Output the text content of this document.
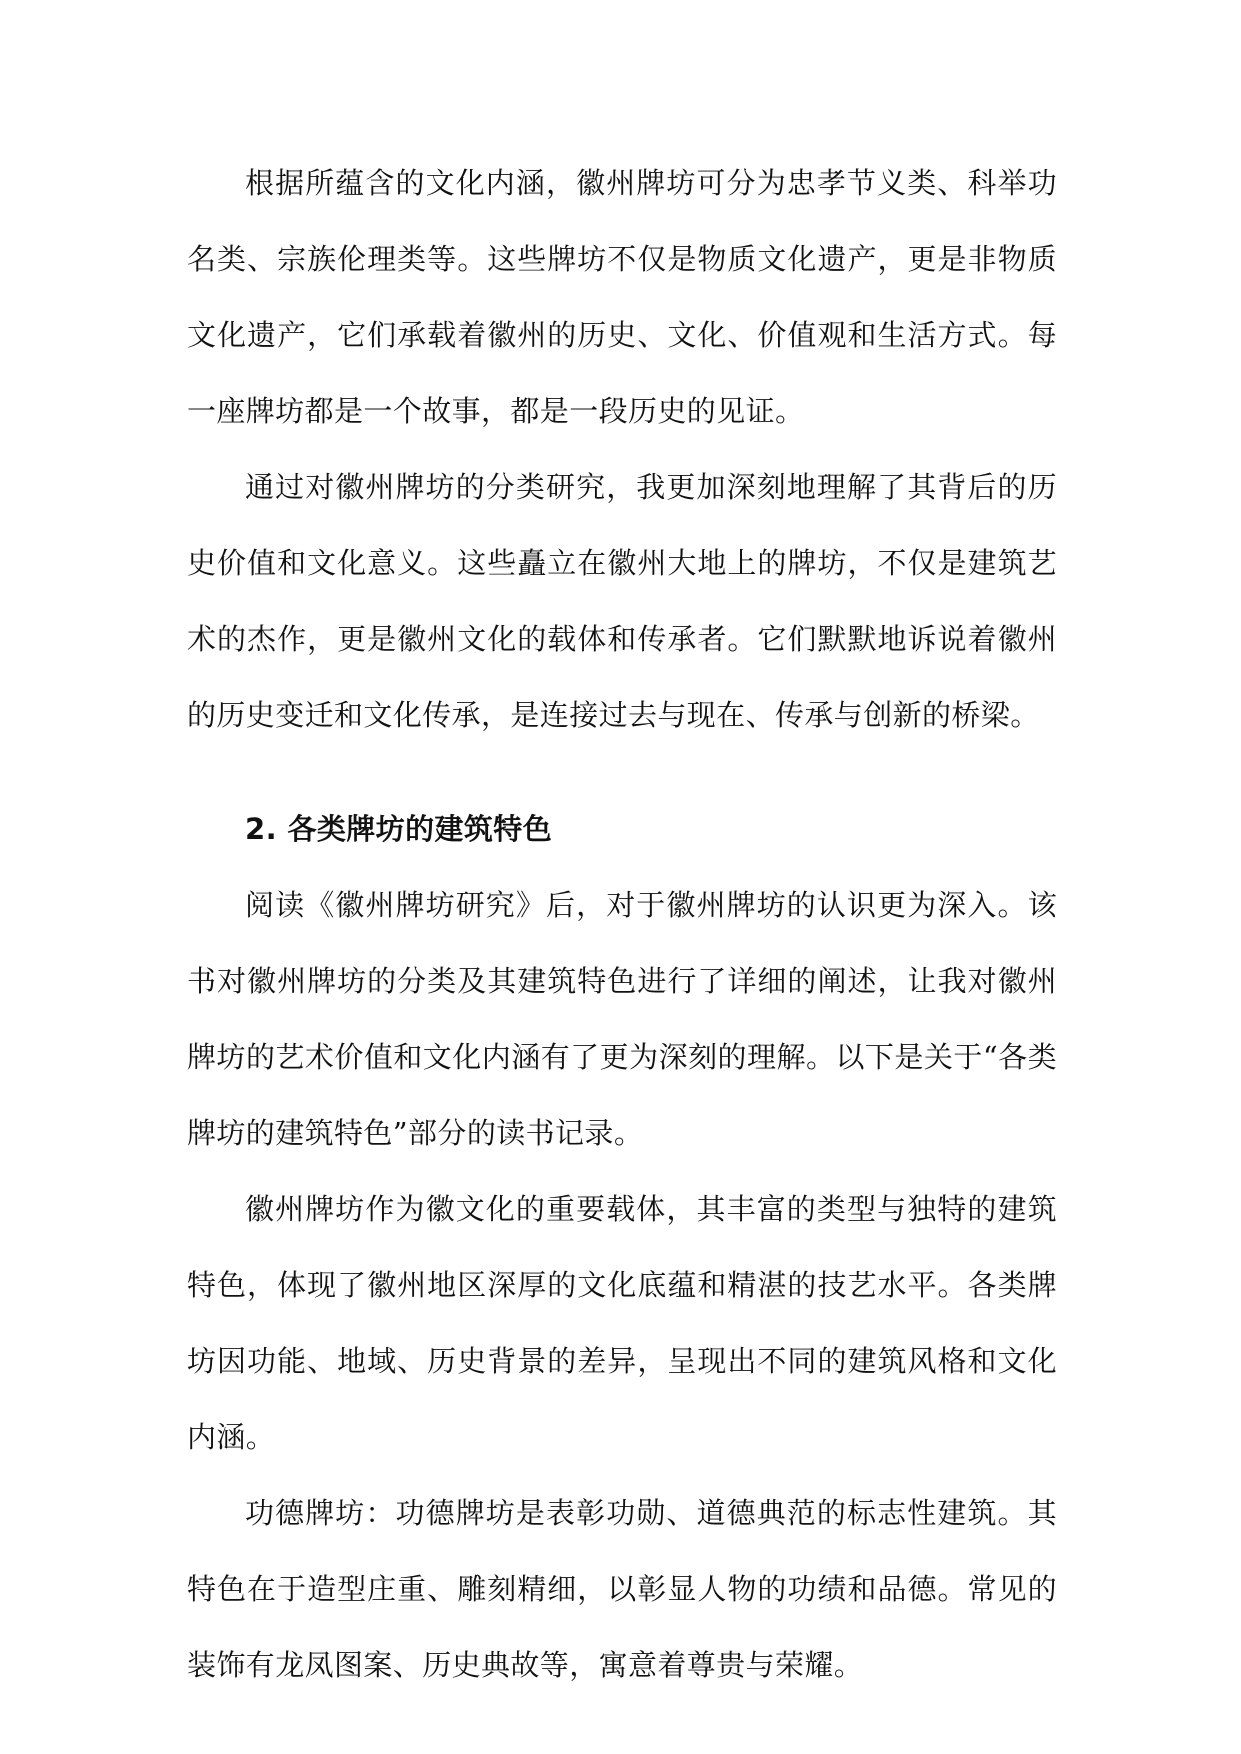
根据所蕴含的文化内涵，徽州牌坊可分为忠孝节义类、科举功名类、宗族伦理类等。这些牌坊不仅是物质文化遗产，更是非物质文化遗产，它们承载着徽州的历史、文化、价值观和生活方式。每一座牌坊都是一个故事，都是一段历史的见证。

通过对徽州牌坊的分类研究，我更加深刻地理解了其背后的历史价值和文化意义。这些矗立在徽州大地上的牌坊，不仅是建筑艺术的杰作，更是徽州文化的载体和传承者。它们默默地诉说着徽州的历史变迁和文化传承，是连接过去与现在、传承与创新的桥梁。

2. 各类牌坊的建筑特色

阅读《徽州牌坊研究》后，对于徽州牌坊的认识更为深入。该书对徽州牌坊的分类及其建筑特色进行了详细的阐述，让我对徽州牌坊的艺术价值和文化内涵有了更为深刻的理解。以下是关于“各类牌坊的建筑特色”部分的读书记录。

徽州牌坊作为徽文化的重要载体，其丰富的类型与独特的建筑特色，体现了徽州地区深厚的文化底蕴和精湛的技艺水平。各类牌坊因功能、地域、历史背景的差异，呈现出不同的建筑风格和文化内涵。

功德牌坊：功德牌坊是表彰功勋、道德典范的标志性建筑。其特色在于造型庄重、雕刻精细，以彰显人物的功绩和品德。常见的装饰有龙凤图案、历史典故等，寓意着尊贵与荣耀。
